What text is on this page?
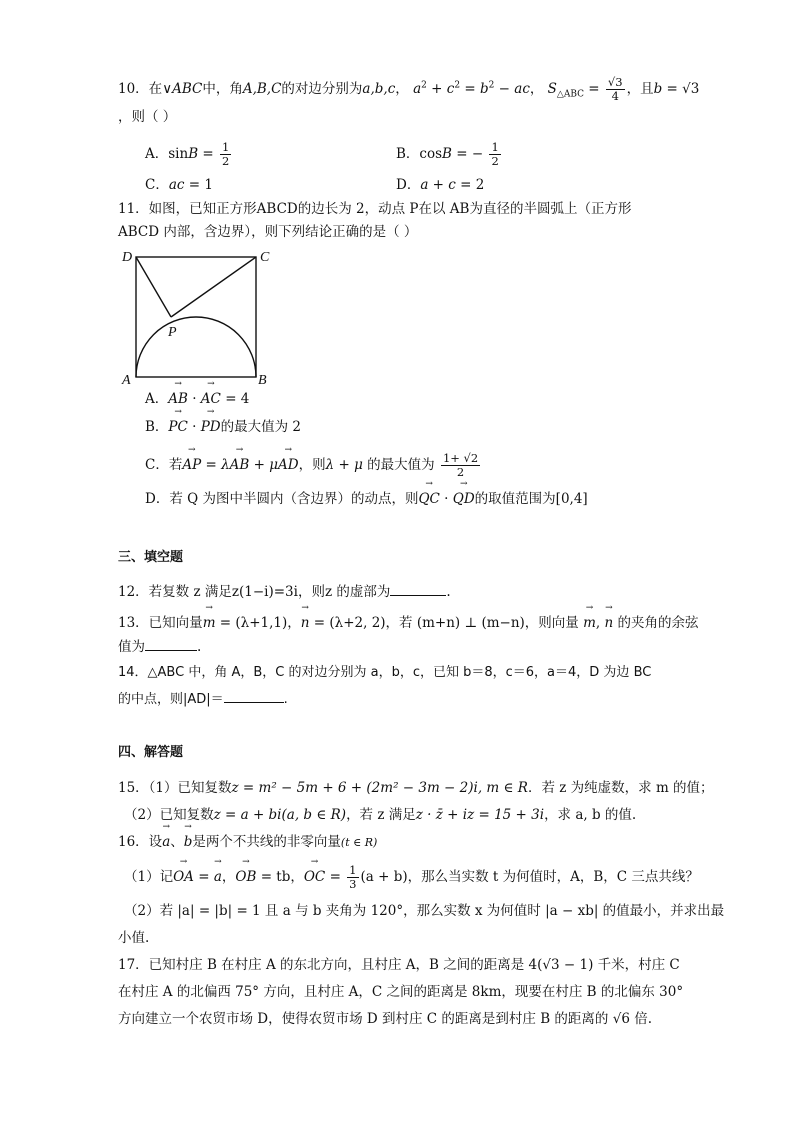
10．在∨ABC中，角A,B,C的对边分别为a,b,c， $a^2 + c^2 = b^2$ − ac， $S_{\triangle ABC} = \frac{√3}{4}$ ，且b = √3
，则（ ）
A．$\sin B = \frac{1}{2}$	B．cosB = − $\frac{1}{2}$
C．ac = 1	D．a + c = 2
11．如图，已知正方形ABCD的边长为 2，动点 P在以 AB为直径的半圆弧上（正方形
ABCD 内部，含边界），则下列结论正确的是（ ）
D	C
A	B
P
A．→ AB · → AC = 4
B．→ PC · → PD的最大值为 2
C．若→ AP = λ→ AB + μ→ AD，则λ + μ 的最大值为 $\frac{1+ √2}{2}$
D．若 Q 为图中半圆内（含边界）的动点，则→ QC · → QD的取值范围为[0,4]
三、填空题
12．若复数 z 满足z(1−i)=3i，则z 的虚部为	.
13．已知向量→ m = (λ+1,1)，→ n = (λ+2, 2)，若 (m+n) ⊥ (m−n)，则向量 → m, → n 的夹角的余弦
值为	.
14．△ABC 中，角 A，B，C 的对边分别为 a，b，c，已知 b＝8，c＝6，a＝4，D 为边 BC
的中点，则|AD|＝	.
四、解答题
15．（1）已知复数z = m² − 5m + 6 + (2m² − 3m − 2)i, m ∈ R．若 z 为纯虚数，求 m 的值；
（2）已知复数z = a + bi(a, b ∈ R)，若 z 满足z · z̄ + iz = 15 + 3i，求 a, b 的值.
16．设→ a、→ b是两个不共线的非零向量(t ∈ R)
（1）记→ OA = → a，→ OB = tb，→ OC = $\frac{1}{3} (a + b)$，那么当实数 t 为何值时，A，B，C 三点共线？
（2）若 |a| = |b| = 1 且 a 与 b 夹角为 120°，那么实数 x 为何值时 |a − xb| 的值最小，并求出最
小值.
17．已知村庄 B 在村庄 A 的东北方向，且村庄 A，B 之间的距离是 4(√3 − 1) 千米，村庄 C
在村庄 A 的北偏西 75° 方向，且村庄 A，C 之间的距离是 8km，现要在村庄 B 的北偏东 30°
方向建立一个农贸市场 D，使得农贸市场 D 到村庄 C 的距离是到村庄 B 的距离的 √6 倍.
